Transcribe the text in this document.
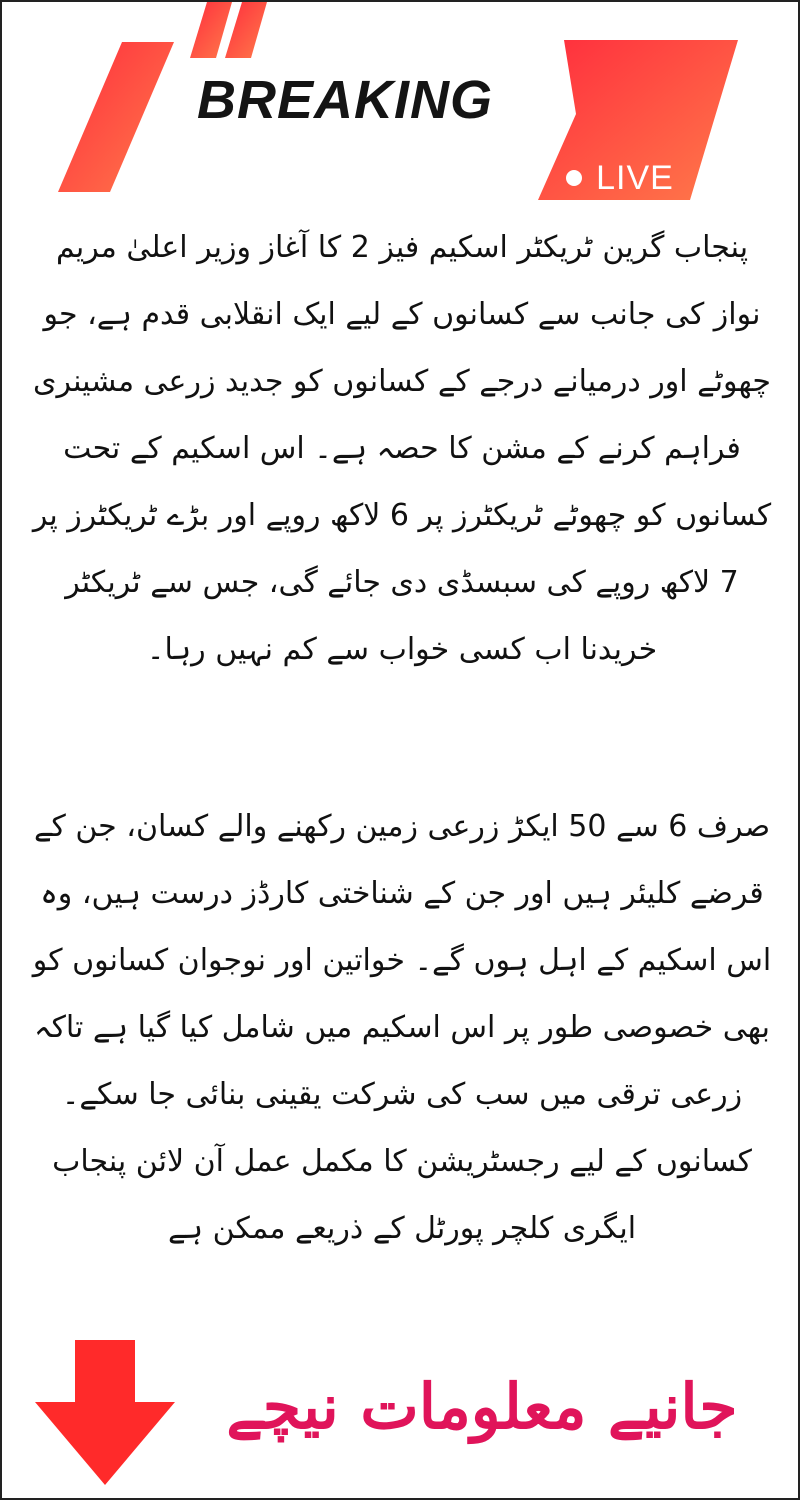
BREAKING
LIVE

پنجاب گرین ٹریکٹر اسکیم فیز 2 کا آغاز وزیر اعلیٰ مریم نواز کی جانب سے کسانوں کے لیے ایک انقلابی قدم ہے، جو چھوٹے اور درمیانے درجے کے کسانوں کو جدید زرعی مشینری فراہم کرنے کے مشن کا حصہ ہے۔ اس اسکیم کے تحت کسانوں کو چھوٹے ٹریکٹرز پر 6 لاکھ روپے اور بڑے ٹریکٹرز پر 7 لاکھ روپے کی سبسڈی دی جائے گی، جس سے ٹریکٹر خریدنا اب کسی خواب سے کم نہیں رہا۔

صرف 6 سے 50 ایکڑ زرعی زمین رکھنے والے کسان، جن کے قرضے کلیئر ہیں اور جن کے شناختی کارڈز درست ہیں، وہ اس اسکیم کے اہل ہوں گے۔ خواتین اور نوجوان کسانوں کو بھی خصوصی طور پر اس اسکیم میں شامل کیا گیا ہے تاکہ زرعی ترقی میں سب کی شرکت یقینی بنائی جا سکے۔ کسانوں کے لیے رجسٹریشن کا مکمل عمل آن لائن پنجاب ایگری کلچر پورٹل کے ذریعے ممکن ہے

جانیے معلومات نیچے
